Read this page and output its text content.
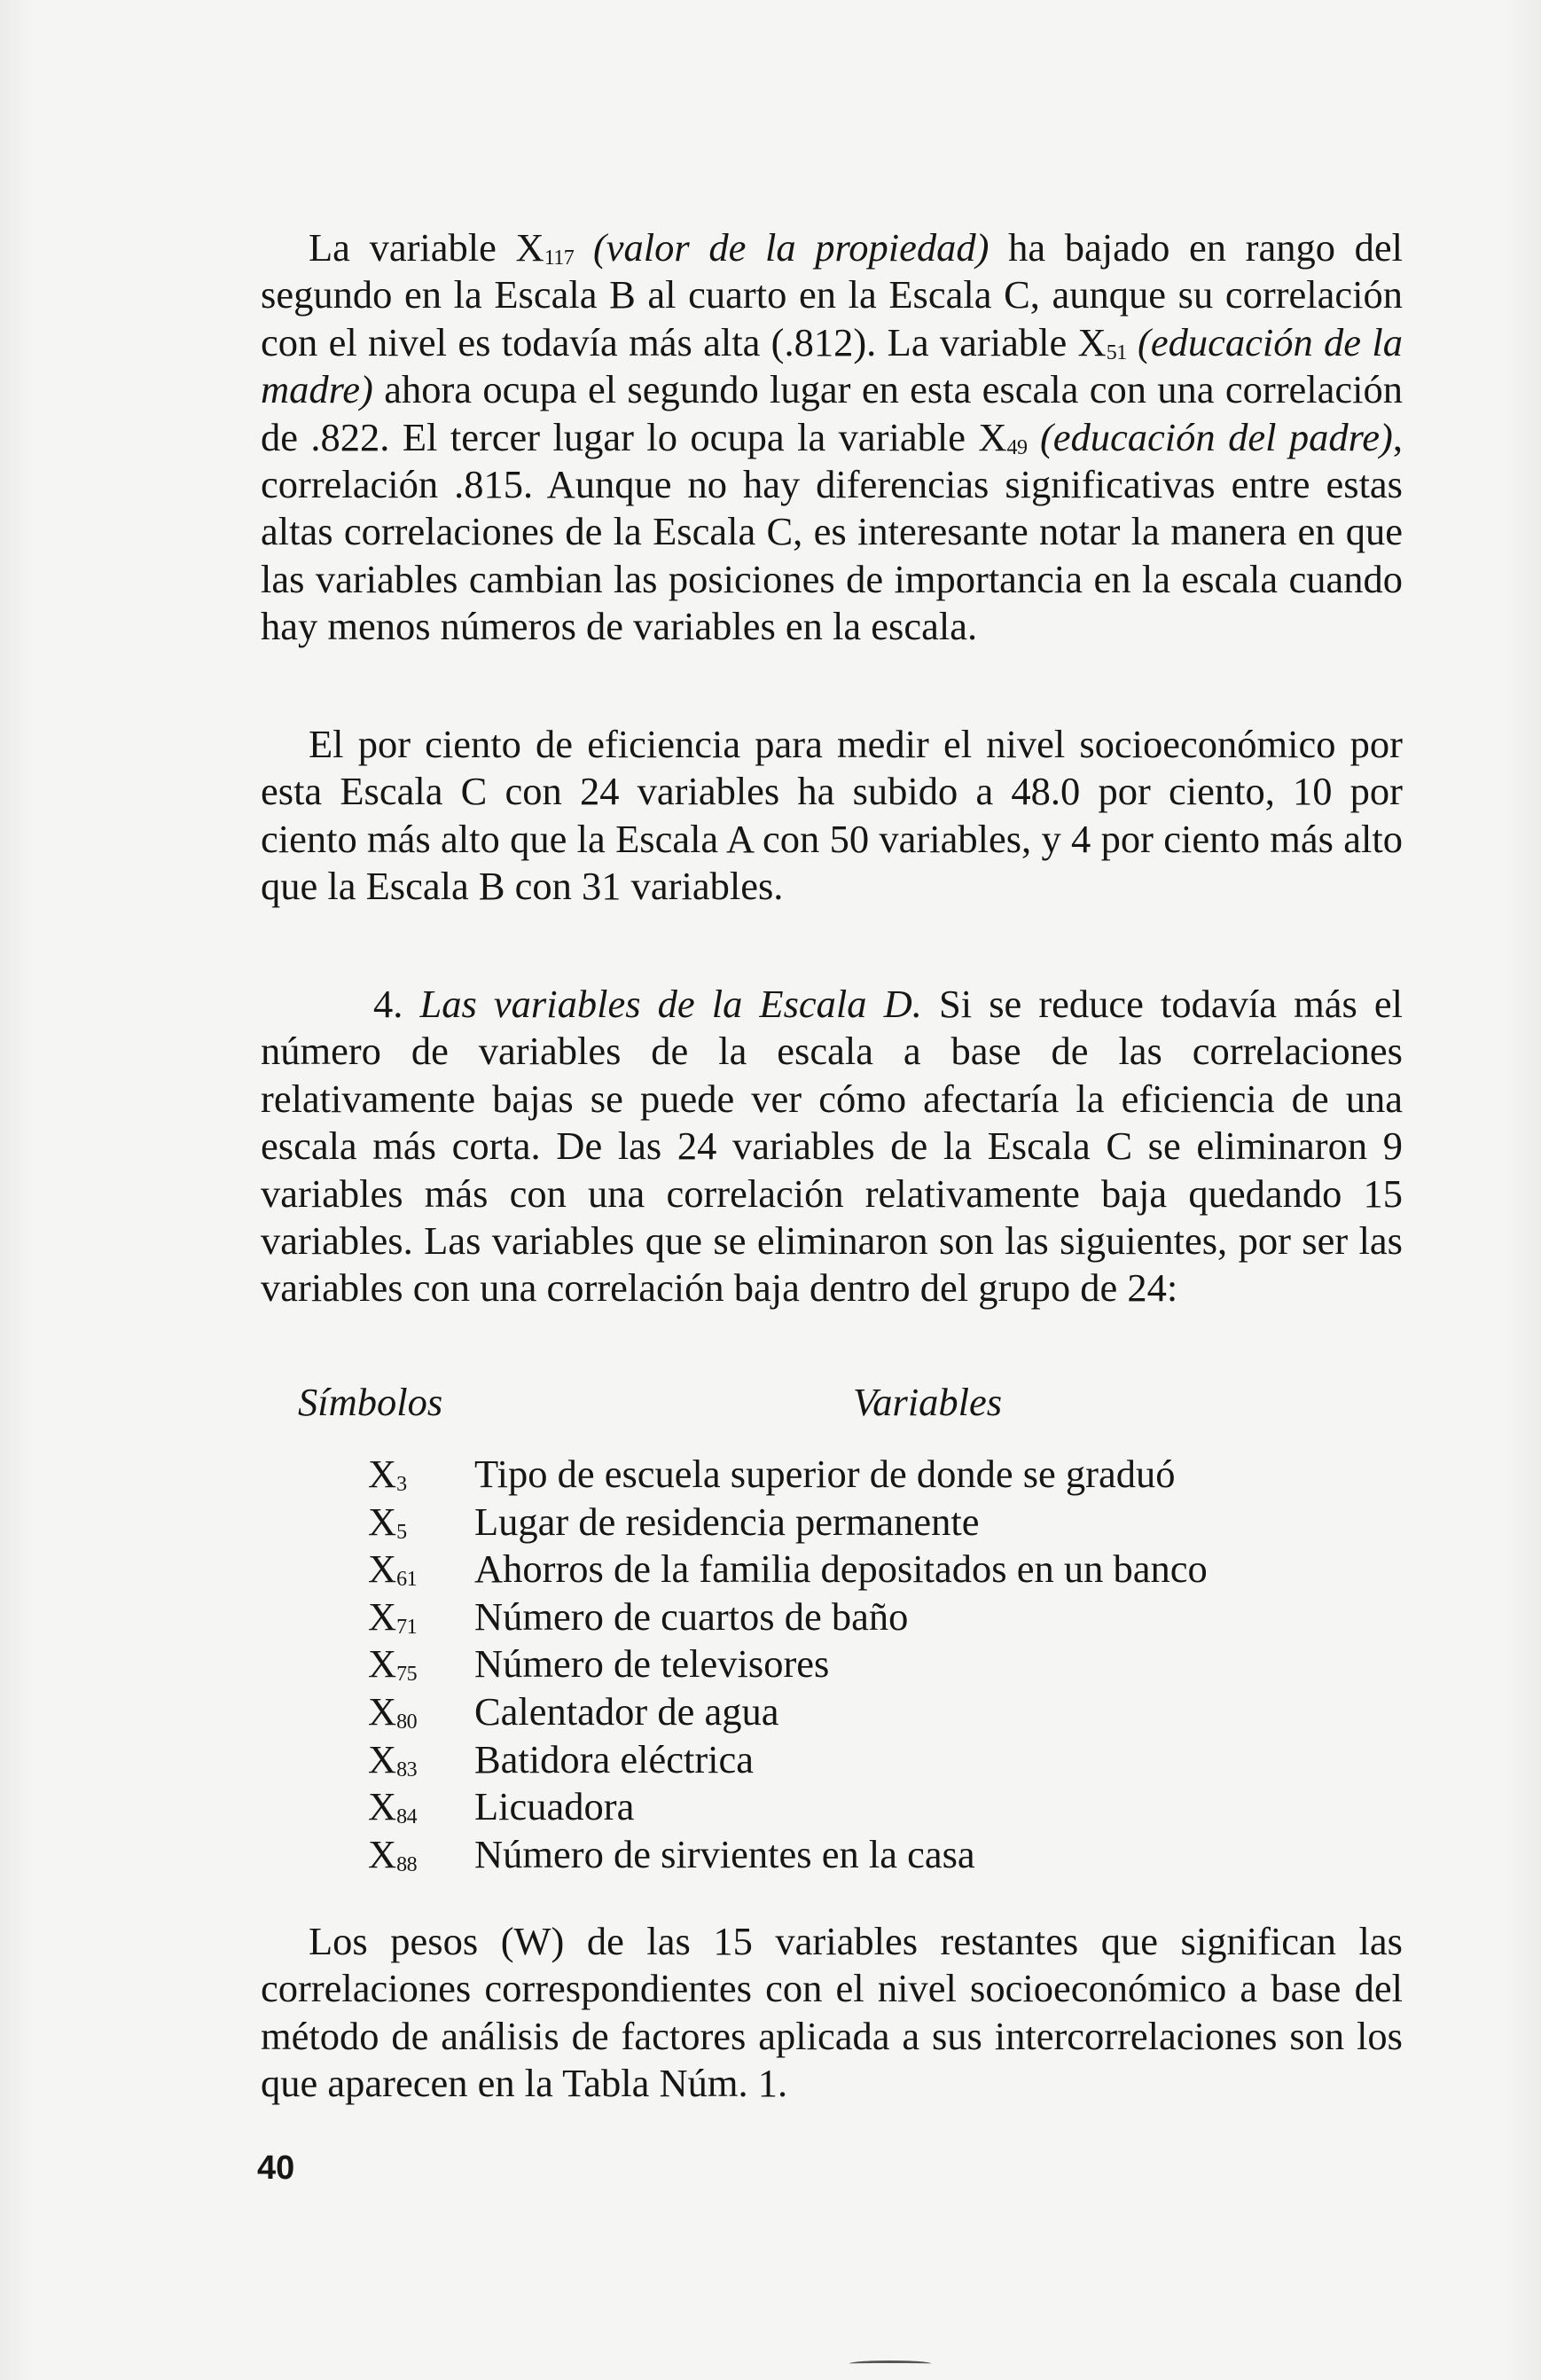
La variable X117 (valor de la propiedad) ha bajado en rango del segundo en la Escala B al cuarto en la Escala C, aunque su correlación con el nivel es todavía más alta (.812). La variable X51 (educación de la madre) ahora ocupa el segundo lugar en esta escala con una correlación de .822. El tercer lugar lo ocupa la variable X49 (educación del padre), correlación .815. Aunque no hay diferencias significativas entre estas altas correlaciones de la Escala C, es interesante notar la manera en que las variables cambian las posiciones de importancia en la escala cuando hay menos números de variables en la escala.

El por ciento de eficiencia para medir el nivel socioeconómico por esta Escala C con 24 variables ha subido a 48.0 por ciento, 10 por ciento más alto que la Escala A con 50 variables, y 4 por ciento más alto que la Escala B con 31 variables.

4. Las variables de la Escala D. Si se reduce todavía más el número de variables de la escala a base de las correlaciones relativamente bajas se puede ver cómo afectaría la eficiencia de una escala más corta. De las 24 variables de la Escala C se eliminaron 9 variables más con una correlación relativamente baja quedando 15 variables. Las variables que se eliminaron son las siguientes, por ser las variables con una correlación baja dentro del grupo de 24:

Símbolos	Variables
X3 Tipo de escuela superior de donde se graduó
X5 Lugar de residencia permanente
X61 Ahorros de la familia depositados en un banco
X71 Número de cuartos de baño
X75 Número de televisores
X80 Calentador de agua
X83 Batidora eléctrica
X84 Licuadora
X88 Número de sirvientes en la casa

Los pesos (W) de las 15 variables restantes que significan las correlaciones correspondientes con el nivel socioeconómico a base del método de análisis de factores aplicada a sus intercorrelaciones son los que aparecen en la Tabla Núm. 1.

40
